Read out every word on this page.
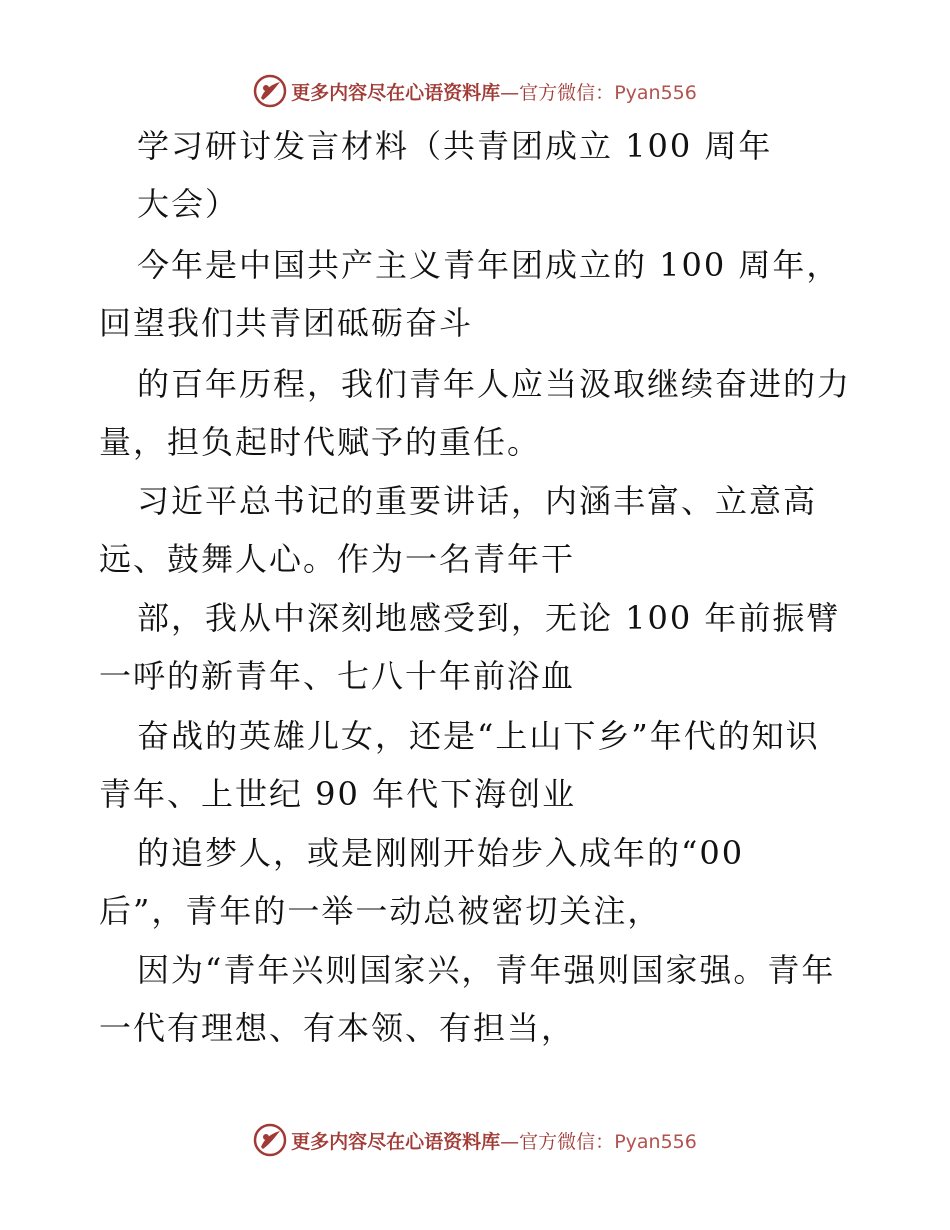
更多内容尽在心语资料库—官方微信：Pyan556
学习研讨发言材料（共青团成立 100 周年
大会）
今年是中国共产主义青年团成立的 100 周年，
回望我们共青团砥砺奋斗
的百年历程，我们青年人应当汲取继续奋进的力
量，担负起时代赋予的重任。
习近平总书记的重要讲话，内涵丰富、立意高
远、鼓舞人心。作为一名青年干
部，我从中深刻地感受到，无论 100 年前振臂
一呼的新青年、七八十年前浴血
奋战的英雄儿女，还是“上山下乡”年代的知识
青年、上世纪 90 年代下海创业
的追梦人，或是刚刚开始步入成年的“00
后”，青年的一举一动总被密切关注，
因为“青年兴则国家兴，青年强则国家强。青年
一代有理想、有本领、有担当，
更多内容尽在心语资料库—官方微信：Pyan556
